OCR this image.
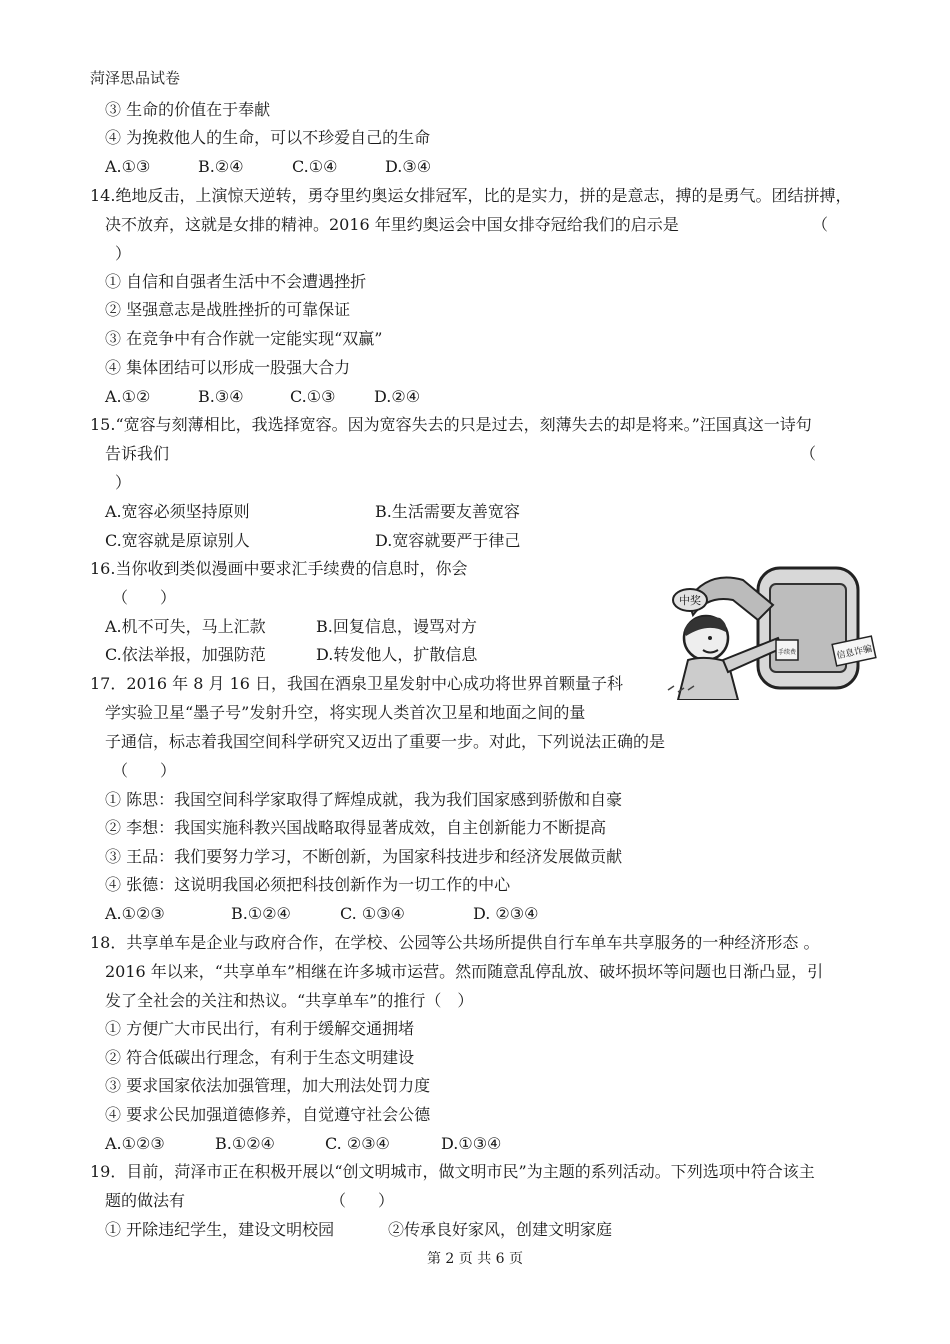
菏泽思品试卷
③ 生命的价值在于奉献
④ 为挽救他人的生命，可以不珍爱自己的生命
A.①③	B.②④	C.①④	D.③④
14.绝地反击，上演惊天逆转，勇夺里约奥运女排冠军，比的是实力，拼的是意志，搏的是勇气。团结拼搏，
决不放弃，这就是女排的精神。2016 年里约奥运会中国女排夺冠给我们的启示是	（
）
① 自信和自强者生活中不会遭遇挫折
② 坚强意志是战胜挫折的可靠保证
③ 在竞争中有合作就一定能实现“双赢”
④ 集体团结可以形成一股强大合力
A.①②	B.③④	C.①③ D.②④
15.“宽容与刻薄相比，我选择宽容。因为宽容失去的只是过去，刻薄失去的却是将来。”汪国真这一诗句
告诉我们	（
）
A.宽容必须坚持原则	B.生活需要友善宽容
C.宽容就是原谅别人	D.宽容就要严于律己
16.当你收到类似漫画中要求汇手续费的信息时，你会
（　　）
A.机不可失，马上汇款	B.回复信息，谩骂对方
C.依法举报，加强防范	D.转发他人，扩散信息
中奖
手续费	信息诈骗
17．2016 年 8 月 16 日，我国在酒泉卫星发射中心成功将世界首颗量子科
学实验卫星“墨子号”发射升空，将实现人类首次卫星和地面之间的量
子通信，标志着我国空间科学研究又迈出了重要一步。对此，下列说法正确的是
（　　）
① 陈思：我国空间科学家取得了辉煌成就，我为我们国家感到骄傲和自豪
② 李想：我国实施科教兴国战略取得显著成效，自主创新能力不断提高
③ 王品：我们要努力学习，不断创新，为国家科技进步和经济发展做贡献
④ 张德：这说明我国必须把科技创新作为一切工作的中心
A.①②③	B.①②④	C. ①③④	D. ②③④
18．共享单车是企业与政府合作，在学校、公园等公共场所提供自行车单车共享服务的一种经济形态 。
2016 年以来，“共享单车”相继在许多城市运营。然而随意乱停乱放、破坏损坏等问题也日渐凸显，引
发了全社会的关注和热议。“共享单车”的推行（　）
① 方便广大市民出行，有利于缓解交通拥堵
② 符合低碳出行理念，有利于生态文明建设
③ 要求国家依法加强管理，加大刑法处罚力度
④ 要求公民加强道德修养，自觉遵守社会公德
A.①②③	B.①②④	C. ②③④	D.①③④
19．目前，菏泽市正在积极开展以“创文明城市，做文明市民”为主题的系列活动。下列选项中符合该主
题的做法有	（　　）
① 开除违纪学生，建设文明校园	②传承良好家风，创建文明家庭
第 2 页 共 6 页
